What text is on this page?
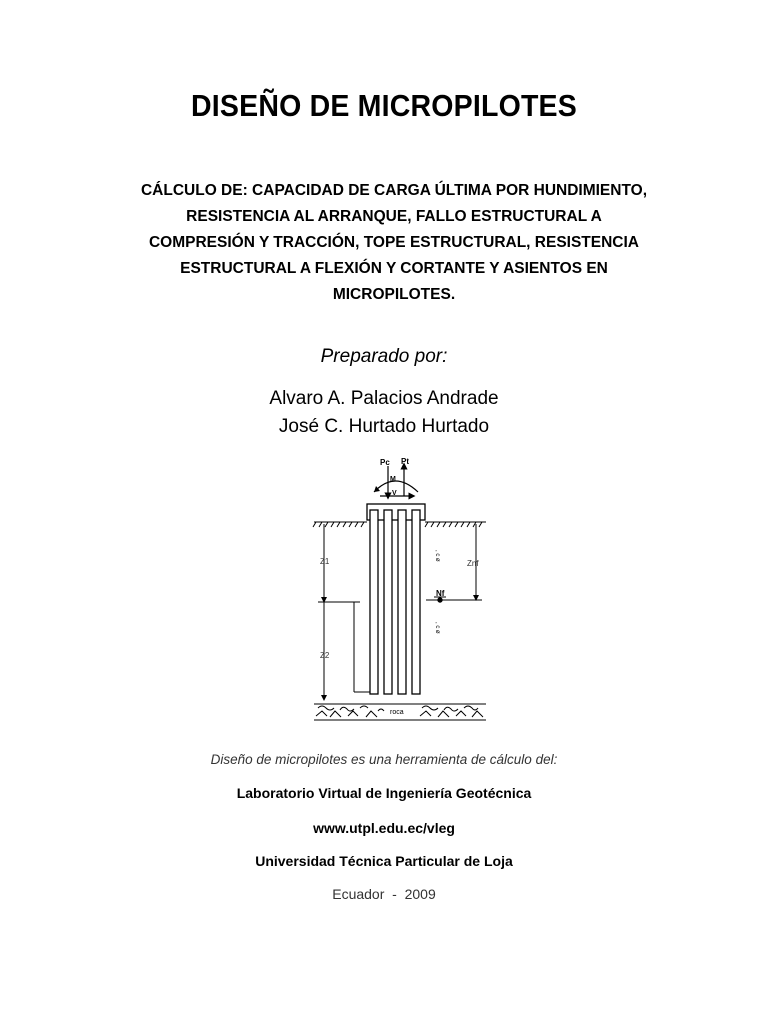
DISEÑO DE MICROPILOTES
CÁLCULO DE: CAPACIDAD DE CARGA ÚLTIMA POR HUNDIMIENTO,
RESISTENCIA AL ARRANQUE, FALLO ESTRUCTURAL A
COMPRESIÓN Y TRACCIÓN, TOPE ESTRUCTURAL, RESISTENCIA
ESTRUCTURAL A FLEXIÓN Y CORTANTE Y ASIENTOS EN
MICROPILOTES.
Preparado por:
Alvaro A. Palacios Andrade
José C. Hurtado Hurtado
Pc Pt
M
V
, c ø
, c ø
Z1
Z2
Znf
Nf
roca
Diseño de micropilotes es una herramienta de cálculo del:
Laboratorio Virtual de Ingeniería Geotécnica
www.utpl.edu.ec/vleg
Universidad Técnica Particular de Loja
Ecuador  -  2009
